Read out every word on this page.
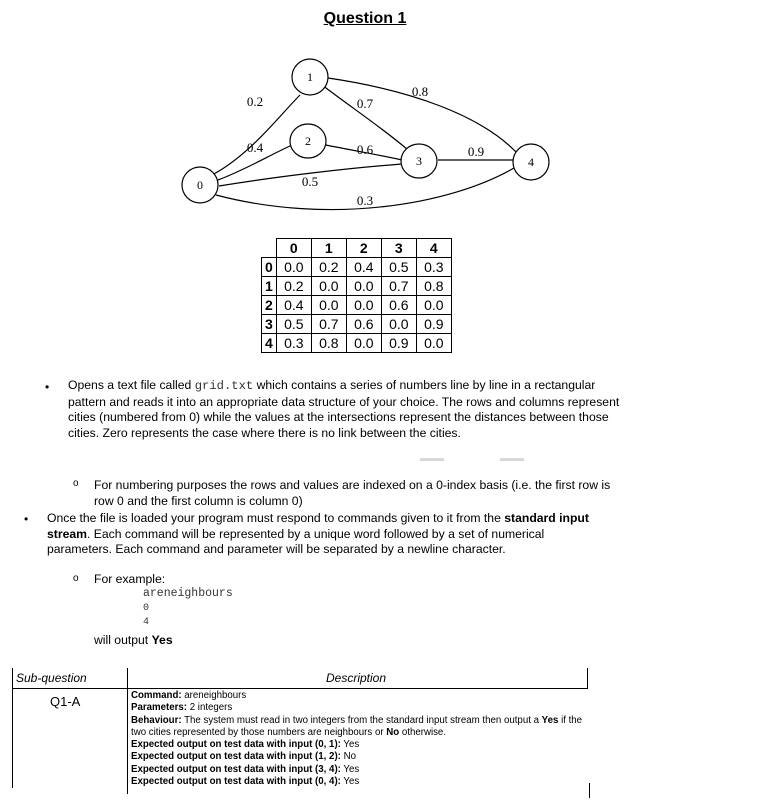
Question 1
0
1
2
3	4
0.2
0.4
0.5
0.3
0.7
0.8
0.6	0.9
	0	1	2	3	4
0	0.0	0.2	0.4	0.5	0.3
1	0.2	0.0	0.0	0.7	0.8
2	0.4	0.0	0.0	0.6	0.0
3	0.5	0.7	0.6	0.0	0.9
4	0.3	0.8	0.0	0.9	0.0
• Opens a text file called grid.txt which contains a series of numbers line by line in a rectangular pattern and reads it into an appropriate data structure of your choice. The rows and columns represent cities (numbered from 0) while the values at the intersections represent the distances between those cities. Zero represents the case where there is no link between the cities.
o For numbering purposes the rows and values are indexed on a 0-index basis (i.e. the first row is row 0 and the first column is column 0)
• Once the file is loaded your program must respond to commands given to it from the standard input stream. Each command will be represented by a unique word followed by a set of numerical parameters. Each command and parameter will be separated by a newline character.
o For example:
areneighbours
0
4
will output Yes
Sub-question	Description
Q1-A	Command: areneighbours
Parameters: 2 integers
Behaviour: The system must read in two integers from the standard input stream then output a Yes if the two cities represented by those numbers are neighbours or No otherwise.
Expected output on test data with input (0, 1): Yes
Expected output on test data with input (1, 2): No
Expected output on test data with input (3, 4): Yes
Expected output on test data with input (0, 4): Yes
